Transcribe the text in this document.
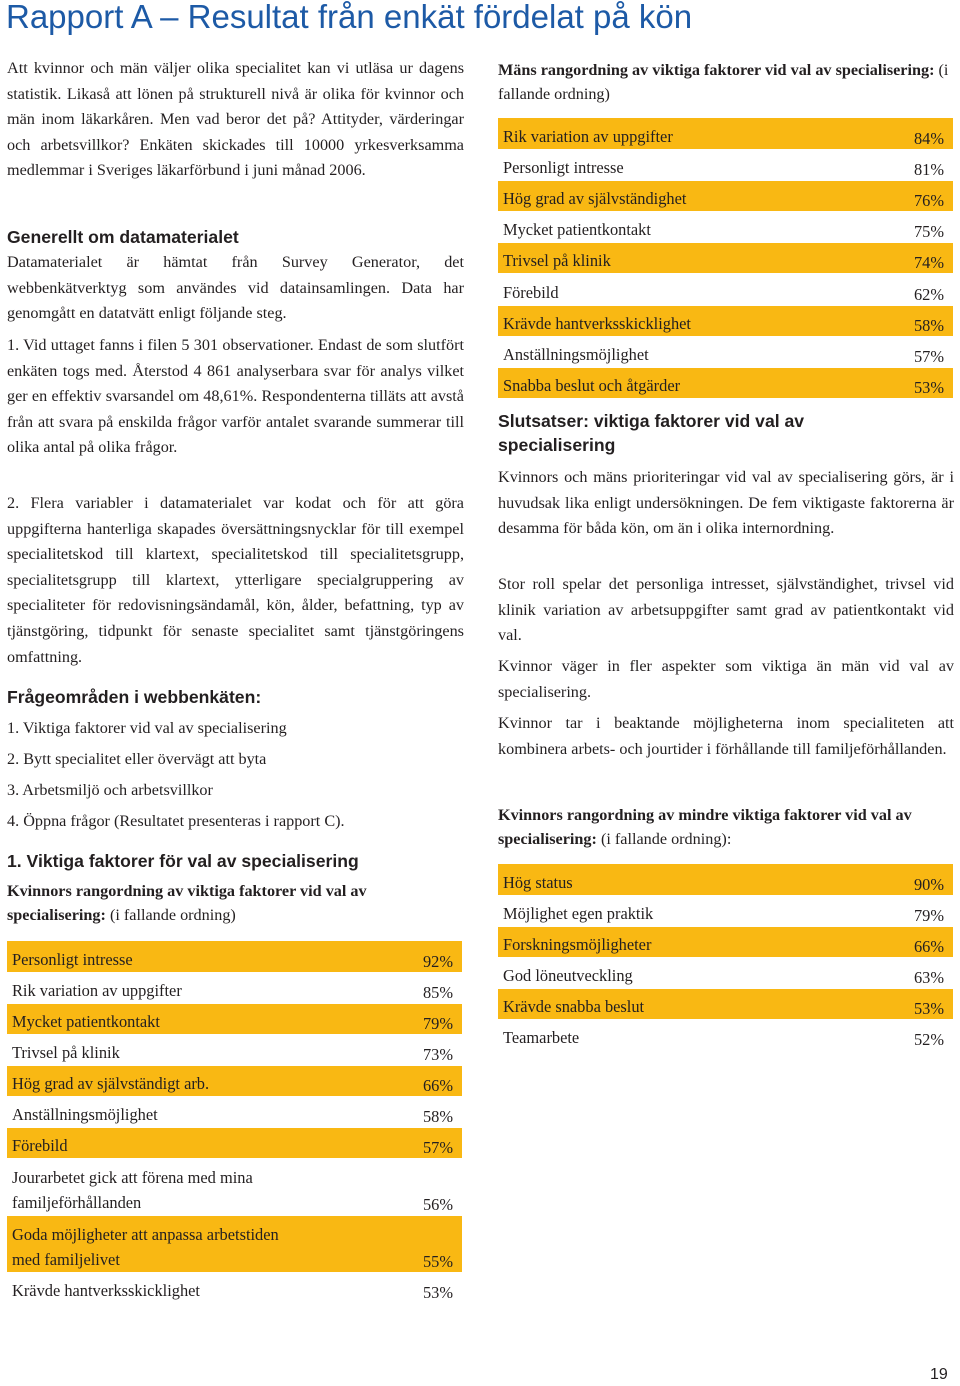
Rapport A – Resultat från enkät fördelat på kön

Att kvinnor och män väljer olika specialitet kan vi utläsa ur dagens statistik. Likaså att lönen på strukturell nivå är olika för kvinnor och män inom läkarkåren. Men vad beror det på? Attityder, värderingar och arbetsvillkor? Enkäten skickades till 10000 yrkesverksamma medlemmar i Sveriges läkarförbund i juni månad 2006.

Generellt om datamaterialet

Datamaterialet är hämtat från Survey Generator, det webbenkätverktyg som användes vid datainsamlingen. Data har genomgått en datatvätt enligt följande steg.

1. Vid uttaget fanns i filen 5 301 observationer. Endast de som slutfört enkäten togs med. Återstod 4 861 analyserbara svar för analys vilket ger en effektiv svarsandel om 48,61%. Respondenterna tilläts att avstå från att svara på enskilda frågor varför antalet svarande summerar till olika antal på olika frågor.

2. Flera variabler i datamaterialet var kodat och för att göra uppgifterna hanterliga skapades översättningsnycklar för till exempel specialitetskod till klartext, specialitetskod till specialitetsgrupp, specialitetsgrupp till klartext, ytterligare specialgruppering av specialiteter för redovisningsändamål, kön, ålder, befattning, typ av tjänstgöring, tidpunkt för senaste specialitet samt tjänstgöringens omfattning.

Frågeområden i webbenkäten:

1. Viktiga faktorer vid val av specialisering

2. Bytt specialitet eller övervägt att byta

3. Arbetsmiljö och arbetsvillkor

4. Öppna frågor (Resultatet presenteras i rapport C).

1. Viktiga faktorer för val av specialisering

Kvinnors rangordning av viktiga faktorer vid val av specialisering: (i fallande ordning)

Personligt intresse	92%
Rik variation av uppgifter	85%
Mycket patientkontakt	79%
Trivsel på klinik	73%
Hög grad av självständigt arb.	66%
Anställningsmöjlighet	58%
Förebild	57%
Jourarbetet gick att förena med mina familjeförhållanden	56%
Goda möjligheter att anpassa arbetstiden med familjelivet	55%
Krävde hantverksskicklighet	53%

Mäns rangordning av viktiga faktorer vid val av specialisering: (i fallande ordning)

Rik variation av uppgifter	84%
Personligt intresse	81%
Hög grad av självständighet	76%
Mycket patientkontakt	75%
Trivsel på klinik	74%
Förebild	62%
Krävde hantverksskicklighet	58%
Anställningsmöjlighet	57%
Snabba beslut och åtgärder	53%
Slutsatser: viktiga faktorer vid val av specialisering

Kvinnors och mäns prioriteringar vid val av specialisering görs, är i huvudsak lika enligt undersökningen. De fem viktigaste faktorerna är desamma för båda kön, om än i olika internordning.

Stor roll spelar det personliga intresset, självständighet, trivsel vid klinik variation av arbetsuppgifter samt grad av patientkontakt vid val.

Kvinnor väger in fler aspekter som viktiga än män vid val av specialisering.

Kvinnor tar i beaktande möjligheterna inom specialiteten att kombinera arbets- och jourtider i förhållande till familjeförhållanden.

Kvinnors rangordning av mindre viktiga faktorer vid val av specialisering: (i fallande ordning):

Hög status	90%
Möjlighet egen praktik	79%
Forskningsmöjligheter	66%
God löneutveckling	63%
Krävde snabba beslut	53%
Teamarbete	52%
19
